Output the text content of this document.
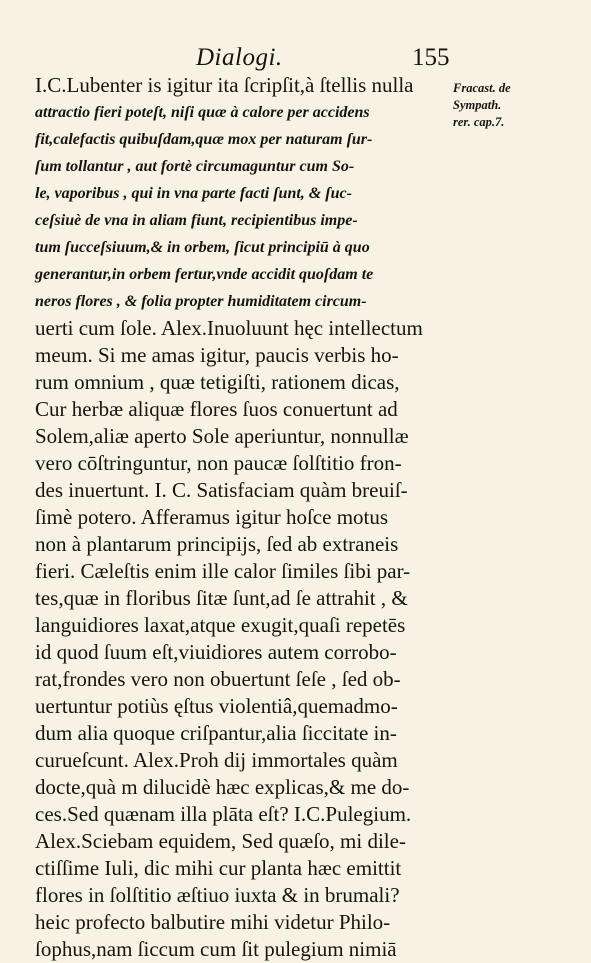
Dialogi.	155
Fracast. de
Sympath.
rer. cap.7.
I.C.Lubenter is igitur ita ſcripſit,à ſtellis nulla
attractio fieri poteſt, niſi quæ à calore per accidens
fit,calefactis quibuſdam,quæ mox per naturam ſur-
ſum tollantur , aut fortè circumaguntur cum So-
le, vaporibus , qui in vna parte facti ſunt, & ſuc-
ceſsiuè de vna in aliam fiunt, recipientibus impe-
tum ſucceſsiuum,& in orbem, ſicut principiū à quo
generantur,in orbem fertur,vnde accidit quoſdam te
neros flores , & folia propter humiditatem circum-
uerti cum ſole. Alex.Inuoluunt hęc intellectum
meum. Si me amas igitur, paucis verbis ho-
rum omnium , quæ tetigiſti, rationem dicas,
Cur herbæ aliquæ flores ſuos conuertunt ad
Solem,aliæ aperto Sole aperiuntur, nonnullæ
vero cōſtringuntur, non paucæ ſolſtitio fron-
des inuertunt. I. C. Satisfaciam quàm breuiſ-
ſimè potero. Afferamus igitur hoſce motus
non à plantarum principijs, ſed ab extraneis
fieri. Cæleſtis enim ille calor ſimiles ſibi par-
tes,quæ in floribus ſitæ ſunt,ad ſe attrahit , &
languidiores laxat,atque exugit,quaſi repetēs
id quod ſuum eſt,viuidiores autem corrobo-
rat,frondes vero non obuertunt ſeſe , ſed ob-
uertuntur potiùs ęſtus violentiâ,quemadmo-
dum alia quoque criſpantur,alia ſiccitate in-
curueſcunt. Alex.Proh dij immortales quàm
docte,quà m dilucidè hæc explicas,& me do-
ces.Sed quænam illa plāta eſt? I.C.Pulegium.
Alex.Sciebam equidem, Sed quæſo, mi dile-
ctiſſime Iuli, dic mihi cur planta hæc emittit
flores in ſolſtitio æſtiuo iuxta & in brumali?
heic profecto balbutire mihi videtur Philo-
ſophus,nam ſiccum cum ſit pulegium nimiā
